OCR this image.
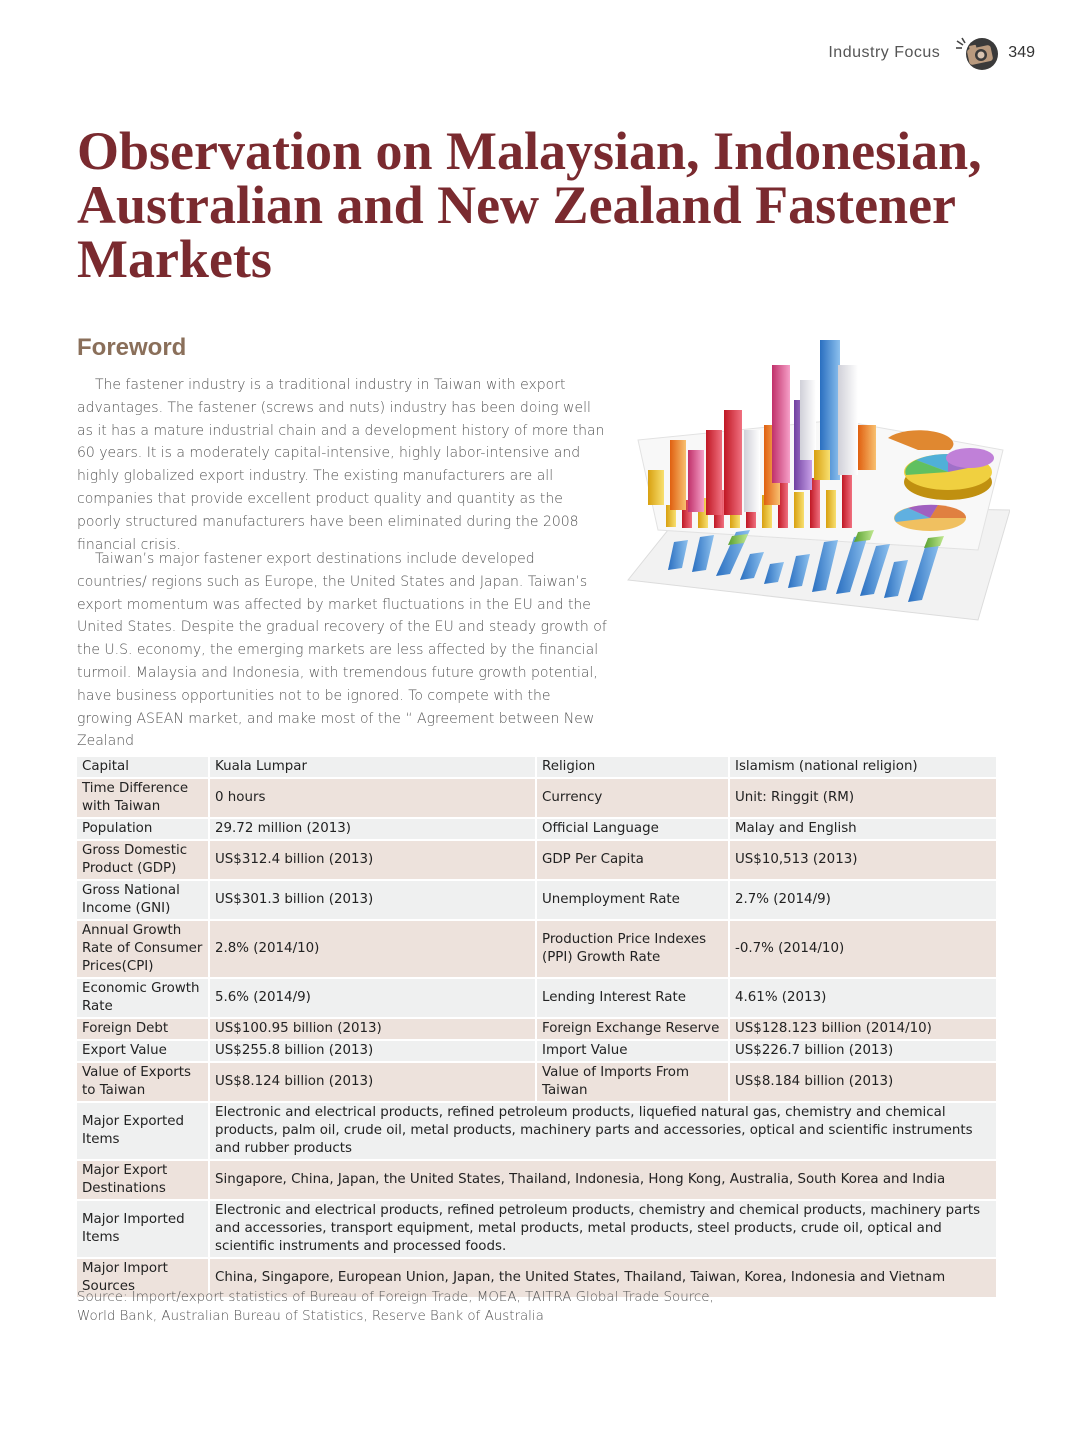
Industry Focus	349
Observation on Malaysian, Indonesian, Australian and New Zealand Fastener Markets
Foreword

The fastener industry is a traditional industry in Taiwan with export advantages. The fastener (screws and nuts) industry has been doing well as it has a mature industrial chain and a development history of more than 60 years. It is a moderately capital-intensive, highly labor-intensive and highly globalized export industry. The existing manufacturers are all companies that provide excellent product quality and quantity as the poorly structured manufacturers have been eliminated during the 2008 financial crisis.

Taiwan’s major fastener export destinations include developed countries/ regions such as Europe, the United States and Japan. Taiwan’s export momentum was affected by market fluctuations in the EU and the United States. Despite the gradual recovery of the EU and steady growth of the U.S. economy, the emerging markets are less affected by the financial turmoil. Malaysia and Indonesia, with tremendous future growth potential, have business opportunities not to be ignored. To compete with the growing ASEAN market, and make most of the “ Agreement between New Zealand

Capital	Kuala Lumpar	Religion	Islamism (national religion)
Time Difference with Taiwan	0 hours	Currency	Unit: Ringgit (RM)
Population	29.72 million (2013)	Official Language	Malay and English
Gross Domestic Product (GDP)	US$312.4 billion (2013)	GDP Per Capita	US$10,513 (2013)
Gross National Income (GNI)	US$301.3 billion (2013)	Unemployment Rate	2.7% (2014/9)
Annual Growth Rate of Consumer Prices(CPI)	2.8% (2014/10)	Production Price Indexes (PPI) Growth Rate	-0.7% (2014/10)
Economic Growth Rate	5.6% (2014/9)	Lending Interest Rate	4.61% (2013)
Foreign Debt	US$100.95 billion (2013)	Foreign Exchange Reserve	US$128.123 billion (2014/10)
Export Value	US$255.8 billion (2013)	Import Value	US$226.7 billion (2013)
Value of Exports to Taiwan	US$8.124 billion (2013)	Value of Imports From Taiwan	US$8.184 billion (2013)
Major Exported Items	Electronic and electrical products, refined petroleum products, liquefied natural gas, chemistry and chemical products, palm oil, crude oil, metal products, machinery parts and accessories, optical and scientific instruments and rubber products		
Major Export Destinations	Singapore, China, Japan, the United States, Thailand, Indonesia, Hong Kong, Australia, South Korea and India		
Major Imported Items	Electronic and electrical products, refined petroleum products, chemistry and chemical products, machinery parts and accessories, transport equipment, metal products, metal products, steel products, crude oil, optical and scientific instruments and processed foods.		
Major Import Sources	China, Singapore, European Union, Japan, the United States, Thailand, Taiwan, Korea, Indonesia and Vietnam		

Source: Import/export statistics of Bureau of Foreign Trade, MOEA, TAITRA Global Trade Source,
World Bank, Australian Bureau of Statistics, Reserve Bank of Australia
